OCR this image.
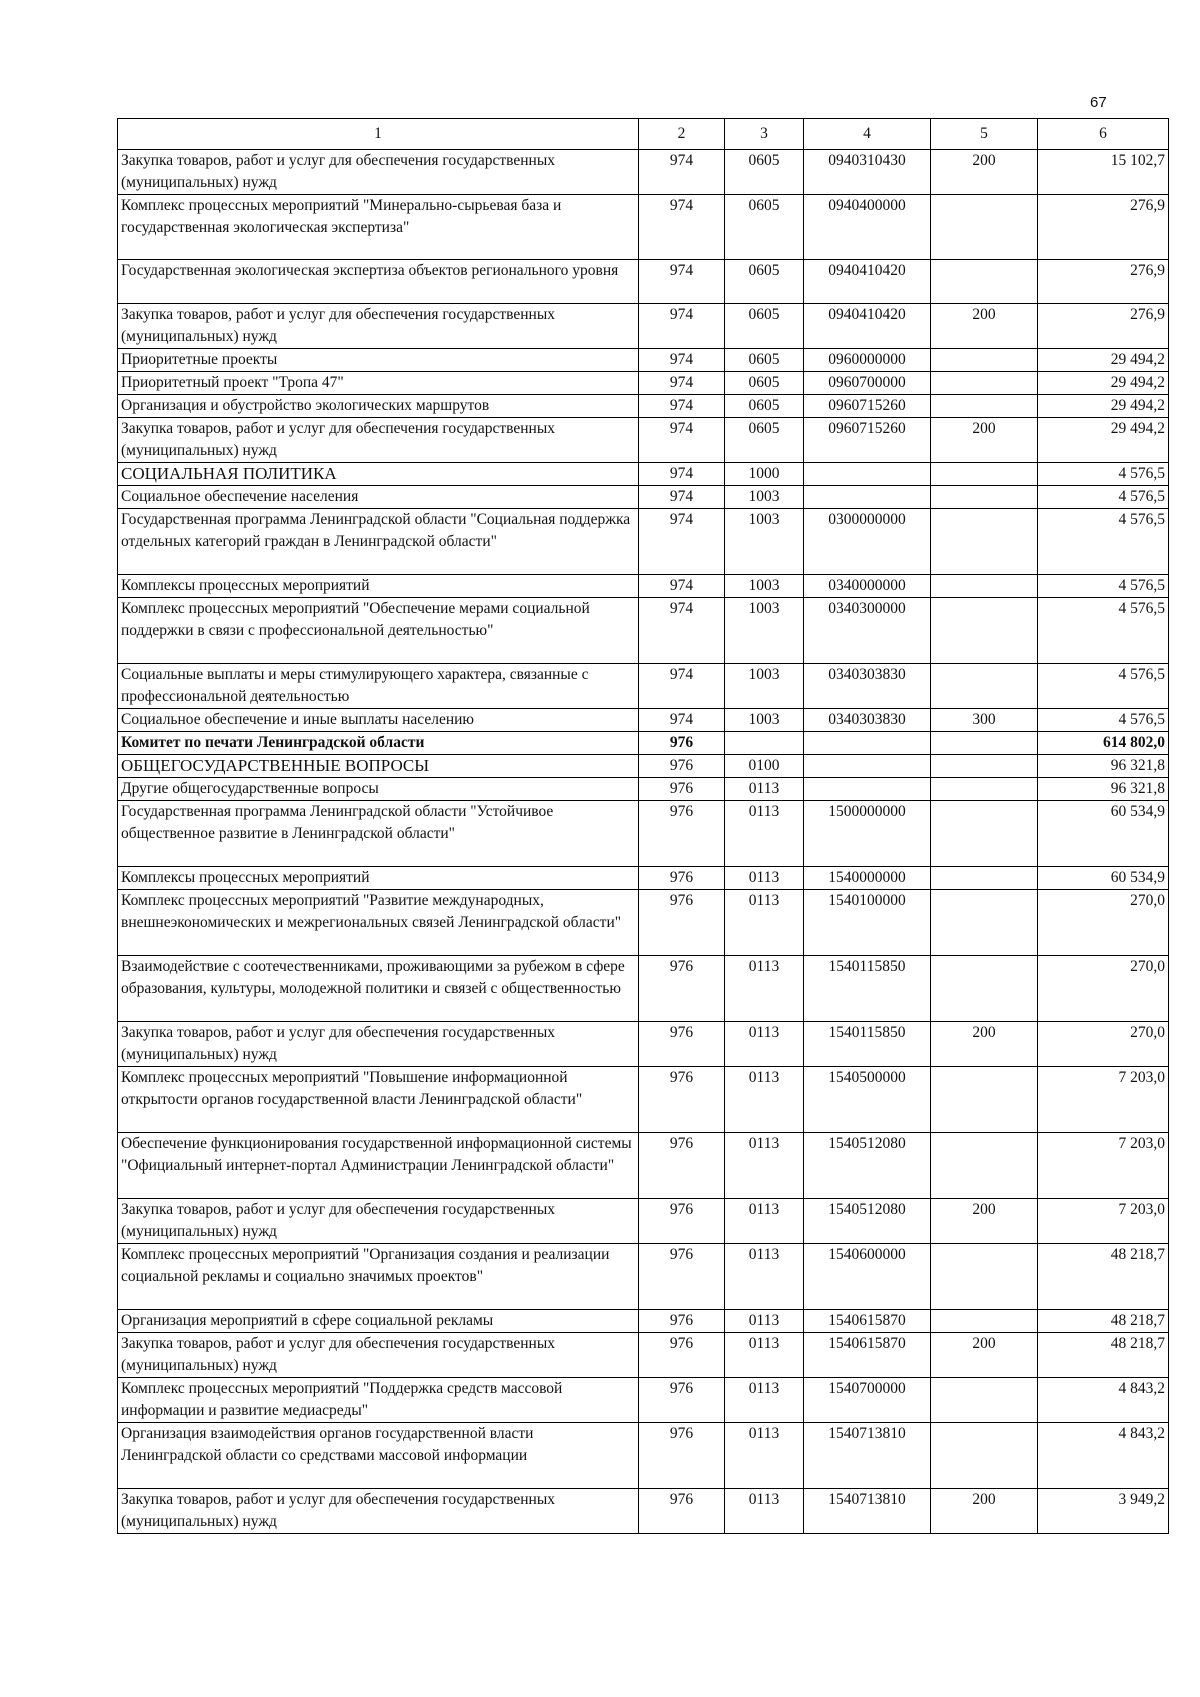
67
1	2	3	4	5	6
Закупка товаров, работ и услуг для обеспечения государственных (муниципальных) нужд	974	0605	0940310430	200	15 102,7
Комплекс процессных мероприятий "Минерально-сырьевая база и государственная экологическая экспертиза"	974	0605	0940400000		276,9
Государственная экологическая экспертиза объектов регионального уровня	974	0605	0940410420		276,9
Закупка товаров, работ и услуг для обеспечения государственных (муниципальных) нужд	974	0605	0940410420	200	276,9
Приоритетные проекты	974	0605	0960000000		29 494,2
Приоритетный проект "Тропа 47"	974	0605	0960700000		29 494,2
Организация и обустройство экологических маршрутов	974	0605	0960715260		29 494,2
Закупка товаров, работ и услуг для обеспечения государственных (муниципальных) нужд	974	0605	0960715260	200	29 494,2
СОЦИАЛЬНАЯ ПОЛИТИКА	974	1000			4 576,5
Социальное обеспечение населения	974	1003			4 576,5
Государственная программа Ленинградской области "Социальная поддержка отдельных категорий граждан в Ленинградской области"	974	1003	0300000000		4 576,5
Комплексы процессных мероприятий	974	1003	0340000000		4 576,5
Комплекс процессных мероприятий "Обеспечение мерами социальной поддержки в связи с профессиональной деятельностью"	974	1003	0340300000		4 576,5
Социальные выплаты и меры стимулирующего характера, связанные с профессиональной деятельностью	974	1003	0340303830		4 576,5
Социальное обеспечение и иные выплаты населению	974	1003	0340303830	300	4 576,5
Комитет по печати Ленинградской области	976				614 802,0
ОБЩЕГОСУДАРСТВЕННЫЕ ВОПРОСЫ	976	0100			96 321,8
Другие общегосударственные вопросы	976	0113			96 321,8
Государственная программа Ленинградской области "Устойчивое общественное развитие в Ленинградской области"	976	0113	1500000000		60 534,9
Комплексы процессных мероприятий	976	0113	1540000000		60 534,9
Комплекс процессных мероприятий "Развитие международных, внешнеэкономических и межрегиональных связей Ленинградской области"	976	0113	1540100000		270,0
Взаимодействие с соотечественниками, проживающими за рубежом в сфере образования, культуры, молодежной политики и связей с общественностью	976	0113	1540115850		270,0
Закупка товаров, работ и услуг для обеспечения государственных (муниципальных) нужд	976	0113	1540115850	200	270,0
Комплекс процессных мероприятий "Повышение информационной открытости органов государственной власти Ленинградской области"	976	0113	1540500000		7 203,0
Обеспечение функционирования государственной информационной системы "Официальный интернет-портал Администрации Ленинградской области"	976	0113	1540512080		7 203,0
Закупка товаров, работ и услуг для обеспечения государственных (муниципальных) нужд	976	0113	1540512080	200	7 203,0
Комплекс процессных мероприятий "Организация создания и реализации социальной рекламы и социально значимых проектов"	976	0113	1540600000		48 218,7
Организация мероприятий в сфере социальной рекламы	976	0113	1540615870		48 218,7
Закупка товаров, работ и услуг для обеспечения государственных (муниципальных) нужд	976	0113	1540615870	200	48 218,7
Комплекс процессных мероприятий "Поддержка средств массовой информации и развитие медиасреды"	976	0113	1540700000		4 843,2
Организация взаимодействия органов государственной власти Ленинградской области со средствами массовой информации	976	0113	1540713810		4 843,2
Закупка товаров, работ и услуг для обеспечения государственных (муниципальных) нужд	976	0113	1540713810	200	3 949,2
